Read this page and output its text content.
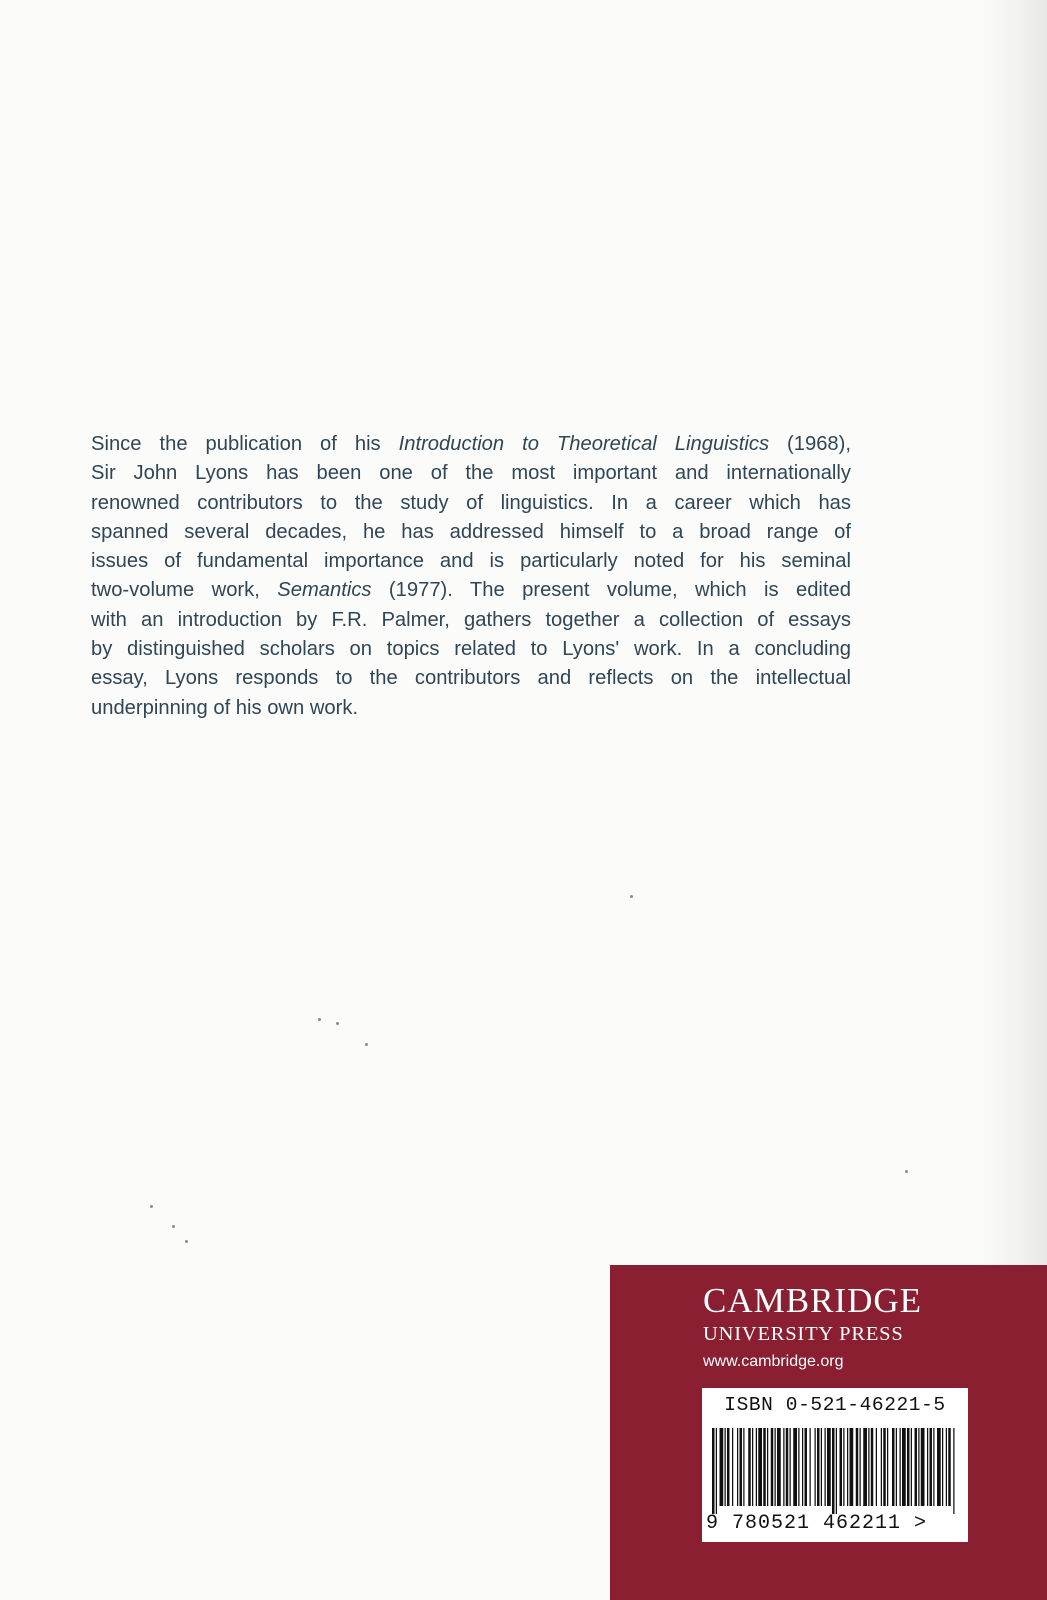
Since the publication of his Introduction to Theoretical Linguistics (1968),
Sir John Lyons has been one of the most important and internationally
renowned contributors to the study of linguistics. In a career which has
spanned several decades, he has addressed himself to a broad range of
issues of fundamental importance and is particularly noted for his seminal
two-volume work, Semantics (1977). The present volume, which is edited
with an introduction by F.R. Palmer, gathers together a collection of essays
by distinguished scholars on topics related to Lyons' work. In a concluding
essay, Lyons responds to the contributors and reflects on the intellectual
underpinning of his own work.
CAMBRIDGE
UNIVERSITY PRESS
www.cambridge.org
ISBN 0-521-46221-5
9 780521 462211 >
